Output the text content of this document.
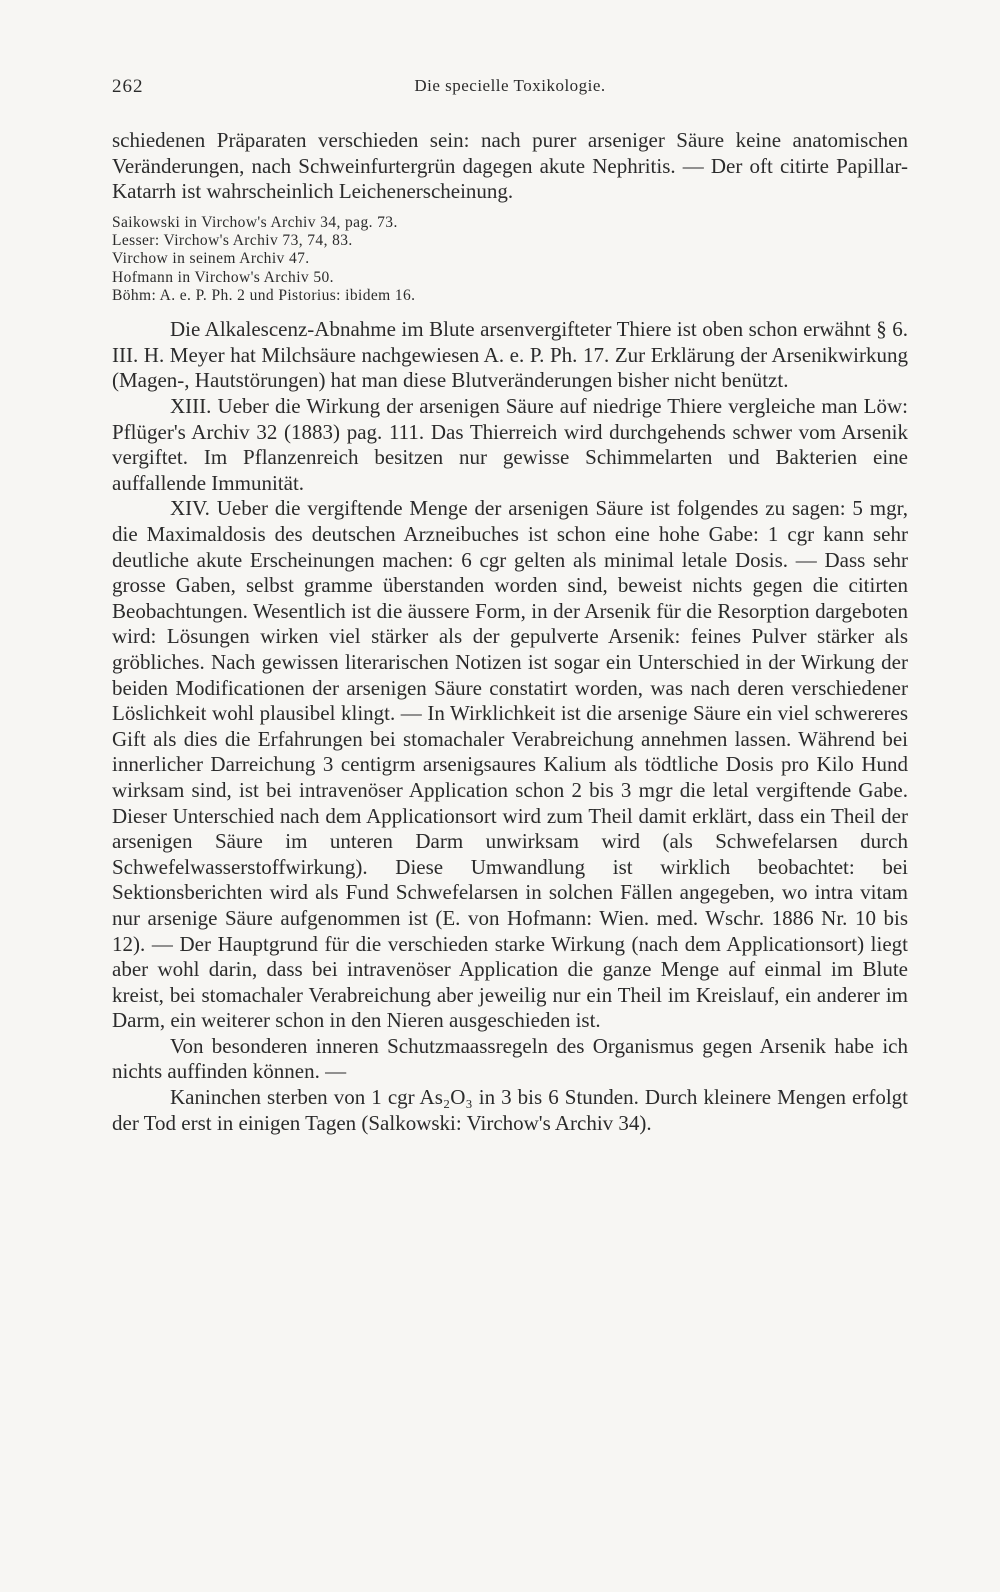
262	Die specielle Toxikologie.

schiedenen Präparaten verschieden sein: nach purer arseniger Säure keine anatomischen Veränderungen, nach Schweinfurtergrün dagegen akute Nephritis. — Der oft citirte Papillar-Katarrh ist wahrscheinlich Leichenerscheinung.

Saikowski in Virchow's Archiv 34, pag. 73.
Lesser: Virchow's Archiv 73, 74, 83.
Virchow in seinem Archiv 47.
Hofmann in Virchow's Archiv 50.
Böhm: A. e. P. Ph. 2 und Pistorius: ibidem 16.

Die Alkalescenz-Abnahme im Blute arsenvergifteter Thiere ist oben schon erwähnt § 6. III. H. Meyer hat Milchsäure nachgewiesen A. e. P. Ph. 17. Zur Erklärung der Arsenikwirkung (Magen-, Hautstörungen) hat man diese Blutveränderungen bisher nicht benützt.

XIII. Ueber die Wirkung der arsenigen Säure auf niedrige Thiere vergleiche man Löw: Pflüger's Archiv 32 (1883) pag. 111. Das Thierreich wird durchgehends schwer vom Arsenik vergiftet. Im Pflanzenreich besitzen nur gewisse Schimmelarten und Bakterien eine auffallende Immunität.

XIV. Ueber die vergiftende Menge der arsenigen Säure ist folgendes zu sagen: 5 mgr, die Maximaldosis des deutschen Arzneibuches ist schon eine hohe Gabe: 1 cgr kann sehr deutliche akute Erscheinungen machen: 6 cgr gelten als minimal letale Dosis. — Dass sehr grosse Gaben, selbst gramme überstanden worden sind, beweist nichts gegen die citirten Beobachtungen. Wesentlich ist die äussere Form, in der Arsenik für die Resorption dargeboten wird: Lösungen wirken viel stärker als der gepulverte Arsenik: feines Pulver stärker als gröbliches. Nach gewissen literarischen Notizen ist sogar ein Unterschied in der Wirkung der beiden Modificationen der arsenigen Säure constatirt worden, was nach deren verschiedener Löslichkeit wohl plausibel klingt. — In Wirklichkeit ist die arsenige Säure ein viel schwereres Gift als dies die Erfahrungen bei stomachaler Verabreichung annehmen lassen. Während bei innerlicher Darreichung 3 centigrm arsenigsaures Kalium als tödtliche Dosis pro Kilo Hund wirksam sind, ist bei intravenöser Application schon 2 bis 3 mgr die letal vergiftende Gabe. Dieser Unterschied nach dem Applicationsort wird zum Theil damit erklärt, dass ein Theil der arsenigen Säure im unteren Darm unwirksam wird (als Schwefelarsen durch Schwefelwasserstoffwirkung). Diese Umwandlung ist wirklich beobachtet: bei Sektionsberichten wird als Fund Schwefelarsen in solchen Fällen angegeben, wo intra vitam nur arsenige Säure aufgenommen ist (E. von Hofmann: Wien. med. Wschr. 1886 Nr. 10 bis 12). — Der Hauptgrund für die verschieden starke Wirkung (nach dem Applicationsort) liegt aber wohl darin, dass bei intravenöser Application die ganze Menge auf einmal im Blute kreist, bei stomachaler Verabreichung aber jeweilig nur ein Theil im Kreislauf, ein anderer im Darm, ein weiterer schon in den Nieren ausgeschieden ist.

Von besonderen inneren Schutzmaassregeln des Organismus gegen Arsenik habe ich nichts auffinden können. —

Kaninchen sterben von 1 cgr As₂O₃ in 3 bis 6 Stunden. Durch kleinere Mengen erfolgt der Tod erst in einigen Tagen (Salkowski: Virchow's Archiv 34).
